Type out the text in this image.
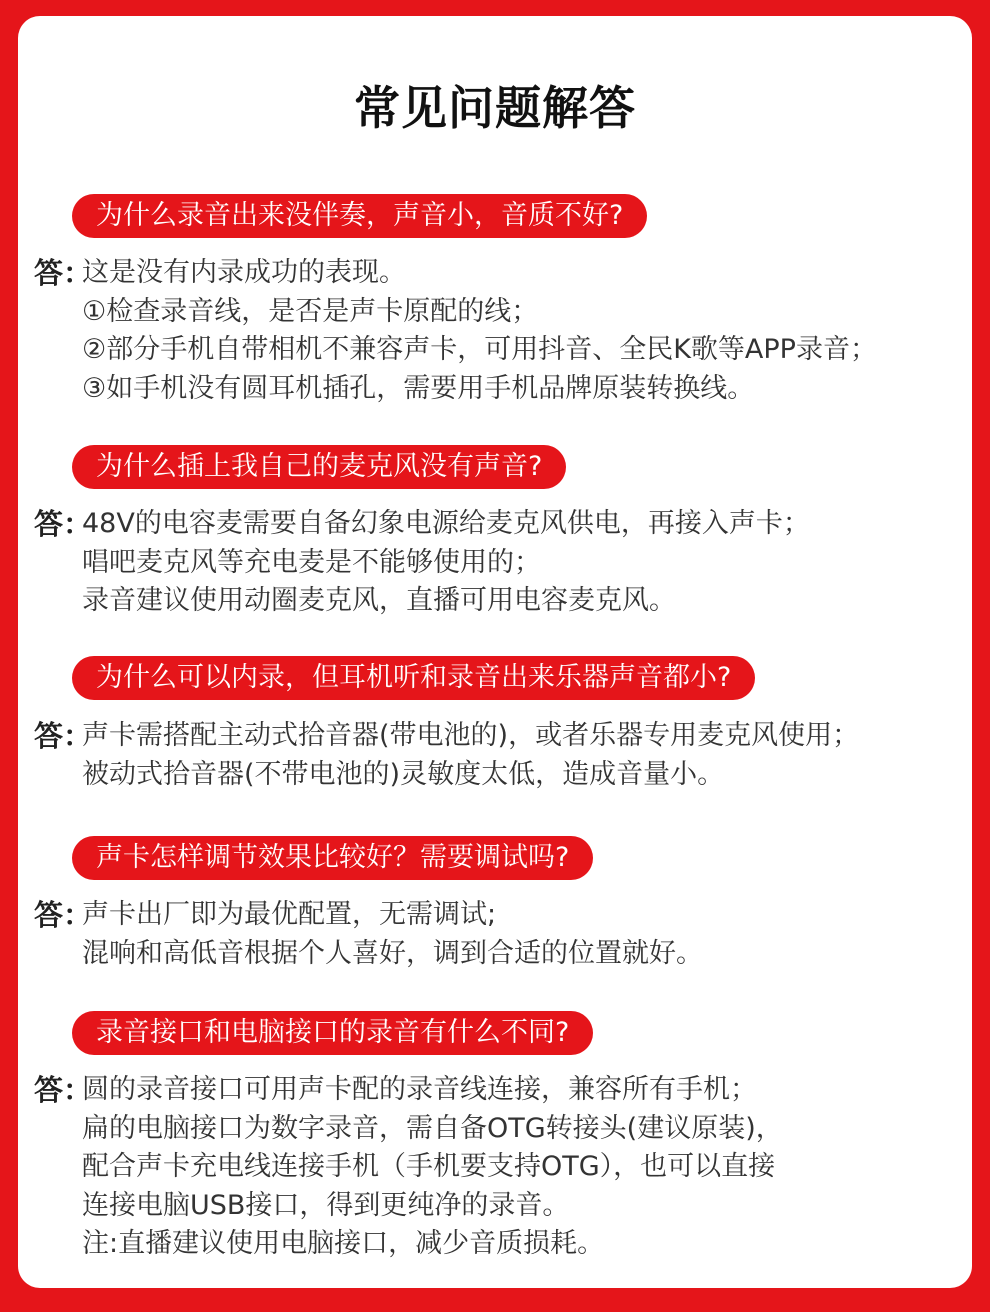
常见问题解答
为什么录音出来没伴奏，声音小，音质不好?
答：
这是没有内录成功的表现。
①检查录音线，是否是声卡原配的线；
②部分手机自带相机不兼容声卡，可用抖音、全民K歌等APP录音；
③如手机没有圆耳机插孔，需要用手机品牌原装转换线。
为什么插上我自己的麦克风没有声音?
答：
48V的电容麦需要自备幻象电源给麦克风供电，再接入声卡；
唱吧麦克风等充电麦是不能够使用的；
录音建议使用动圈麦克风，直播可用电容麦克风。
为什么可以内录，但耳机听和录音出来乐器声音都小?
答：
声卡需搭配主动式拾音器(带电池的)，或者乐器专用麦克风使用；
被动式拾音器(不带电池的)灵敏度太低，造成音量小。
声卡怎样调节效果比较好？需要调试吗?
答：
声卡出厂即为最优配置，无需调试;
混响和高低音根据个人喜好，调到合适的位置就好。
录音接口和电脑接口的录音有什么不同?
答：
圆的录音接口可用声卡配的录音线连接，兼容所有手机；
扁的电脑接口为数字录音，需自备OTG转接头(建议原装)，
配合声卡充电线连接手机（手机要支持OTG），也可以直接
连接电脑USB接口，得到更纯净的录音。
注:直播建议使用电脑接口，减少音质损耗。
